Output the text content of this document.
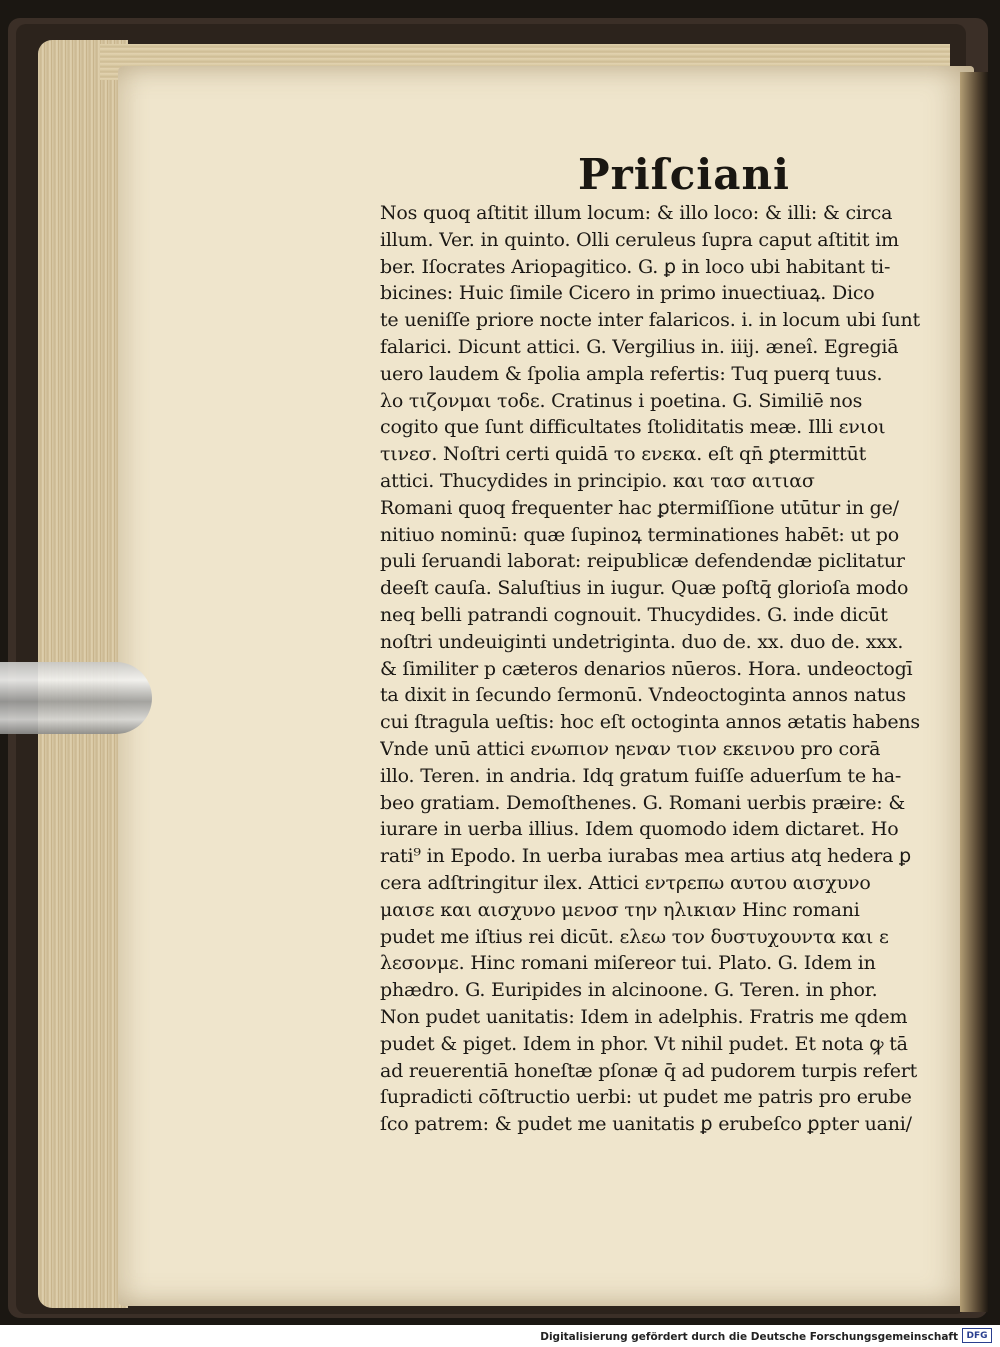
Priſciani
Nos quoq aſtitit illum locum: & illo loco: & illi: & circa
illum. Ver. in quinto. Olli ceruleus ſupra caput aſtitit im
ber. Iſocrates Ariopagitico. G. ꝑ in loco ubi habitant ti-
bicines: Huic ſimile Cicero in primo inuectiuaꝝ. Dico
te ueniſſe priore nocte inter falaricos. i. in locum ubi ſunt
falarici. Dicunt attici. G. Vergilius in. iiij. æneî. Egregiā
uero laudem & ſpolia ampla refertis: Tuq puerq tuus.
λο τιζονμαι τοδε. Cratinus i poetina. G. Similiē nos
cogito que ſunt difficultates ſtoliditatis meæ. Illi ενιοι
τινεσ. Noſtri certi quidā το ενεκα. eſt qn̄ ꝑtermittūt
attici. Thucydides in principio. και τασ αιτιασ
Romani quoq frequenter hac ꝑtermiſſione utūtur in ge/
nitiuo nominū: quæ ſupinoꝝ terminationes habēt: ut po
puli ſeruandi laborat: reipublicæ defendendæ piclitatur
deeſt cauſa. Saluſtius in iugur. Quæ poſtq̄ glorioſa modo
neq belli patrandi cognouit. Thucydides. G. inde dicūt
noſtri undeuiginti undetriginta. duo de. xx. duo de. xxx.
& ſimiliter p cæteros denarios nūeros. Hora. undeoctogī
ta dixit in ſecundo ſermonū. Vndeoctoginta annos natus
cui ſtragula ueſtis: hoc eſt octoginta annos ætatis habens
Vnde unū attici ενωπιον ηεναν τιον εκεινου pro corā
illo. Teren. in andria. Idq gratum fuiſſe aduerſum te ha-
beo gratiam. Demoſthenes. G. Romani uerbis præire: &
iurare in uerba illius. Idem quomodo idem dictaret. Ho
rati⁹ in Epodo. In uerba iurabas mea artius atq hedera ꝑ
cera adſtringitur ilex. Attici εντρεπω αυτου αισχυνο
μαισε και αισχυνο μενοσ την ηλικιαν Hinc romani
pudet me iſtius rei dicūt. ελεω τον δυστυχουντα και ε
λεσονμε. Hinc romani miſereor tui. Plato. G. Idem in
phædro. G. Euripides in alcinoone. G. Teren. in phor.
Non pudet uanitatis: Idem in adelphis. Fratris me qdem
pudet & piget. Idem in phor. Vt nihil pudet. Et nota ꝙ tā
ad reuerentiā honeſtæ pſonæ q̄ ad pudorem turpis refert
ſupradicti cōſtructio uerbi: ut pudet me patris pro erube
ſco patrem: & pudet me uanitatis ꝑ erubeſco ꝑpter uani/
Digitalisierung gefördert durch die Deutsche Forschungsgemeinschaft DFG
